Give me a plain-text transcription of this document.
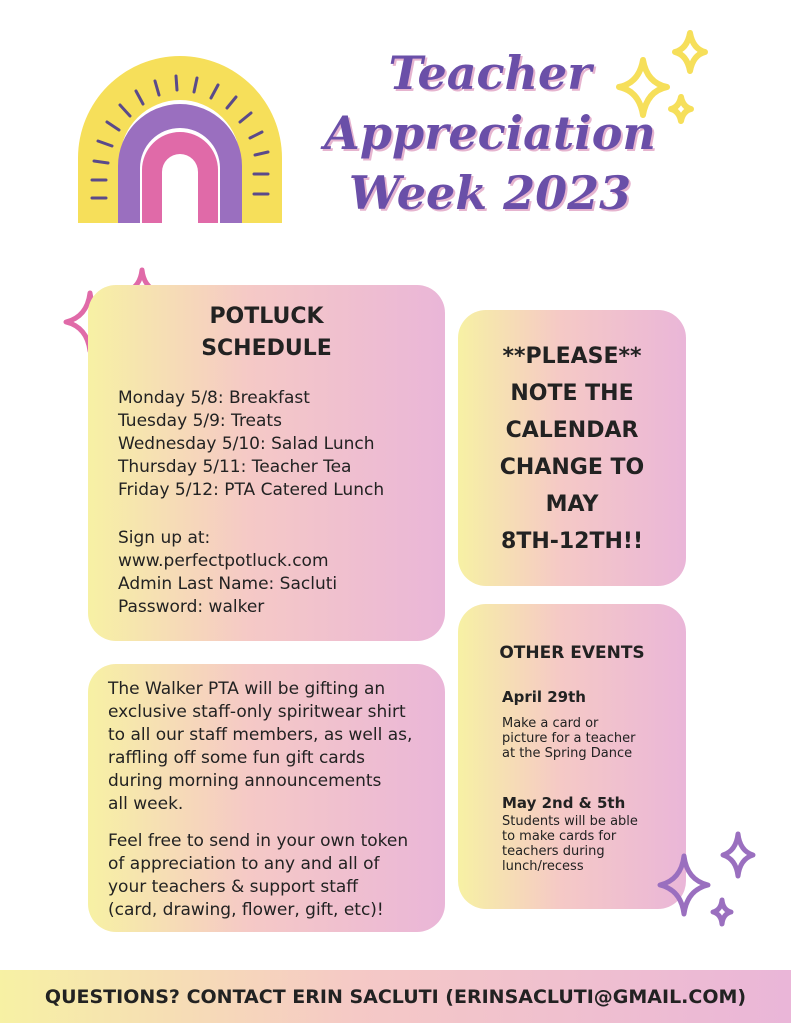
Teacher
Appreciation
Week 2023
POTLUCK
SCHEDULE
Monday 5/8: Breakfast
Tuesday 5/9: Treats
Wednesday 5/10: Salad Lunch
Thursday 5/11: Teacher Tea
Friday 5/12: PTA Catered Lunch
Sign up at:
www.perfectpotluck.com
Admin Last Name: Sacluti
Password: walker
**PLEASE**
NOTE THE
CALENDAR
CHANGE TO
MAY
8TH-12TH!!
The Walker PTA will be gifting an
exclusive staff-only spiritwear shirt
to all our staff members, as well as,
raffling off some fun gift cards
during morning announcements
all week.
Feel free to send in your own token
of appreciation to any and all of
your teachers & support staff
(card, drawing, flower, gift, etc)!
OTHER EVENTS
April 29th
Make a card or
picture for a teacher
at the Spring Dance
May 2nd & 5th
Students will be able
to make cards for
teachers during
lunch/recess
QUESTIONS? CONTACT ERIN SACLUTI (ERINSACLUTI@GMAIL.COM)
